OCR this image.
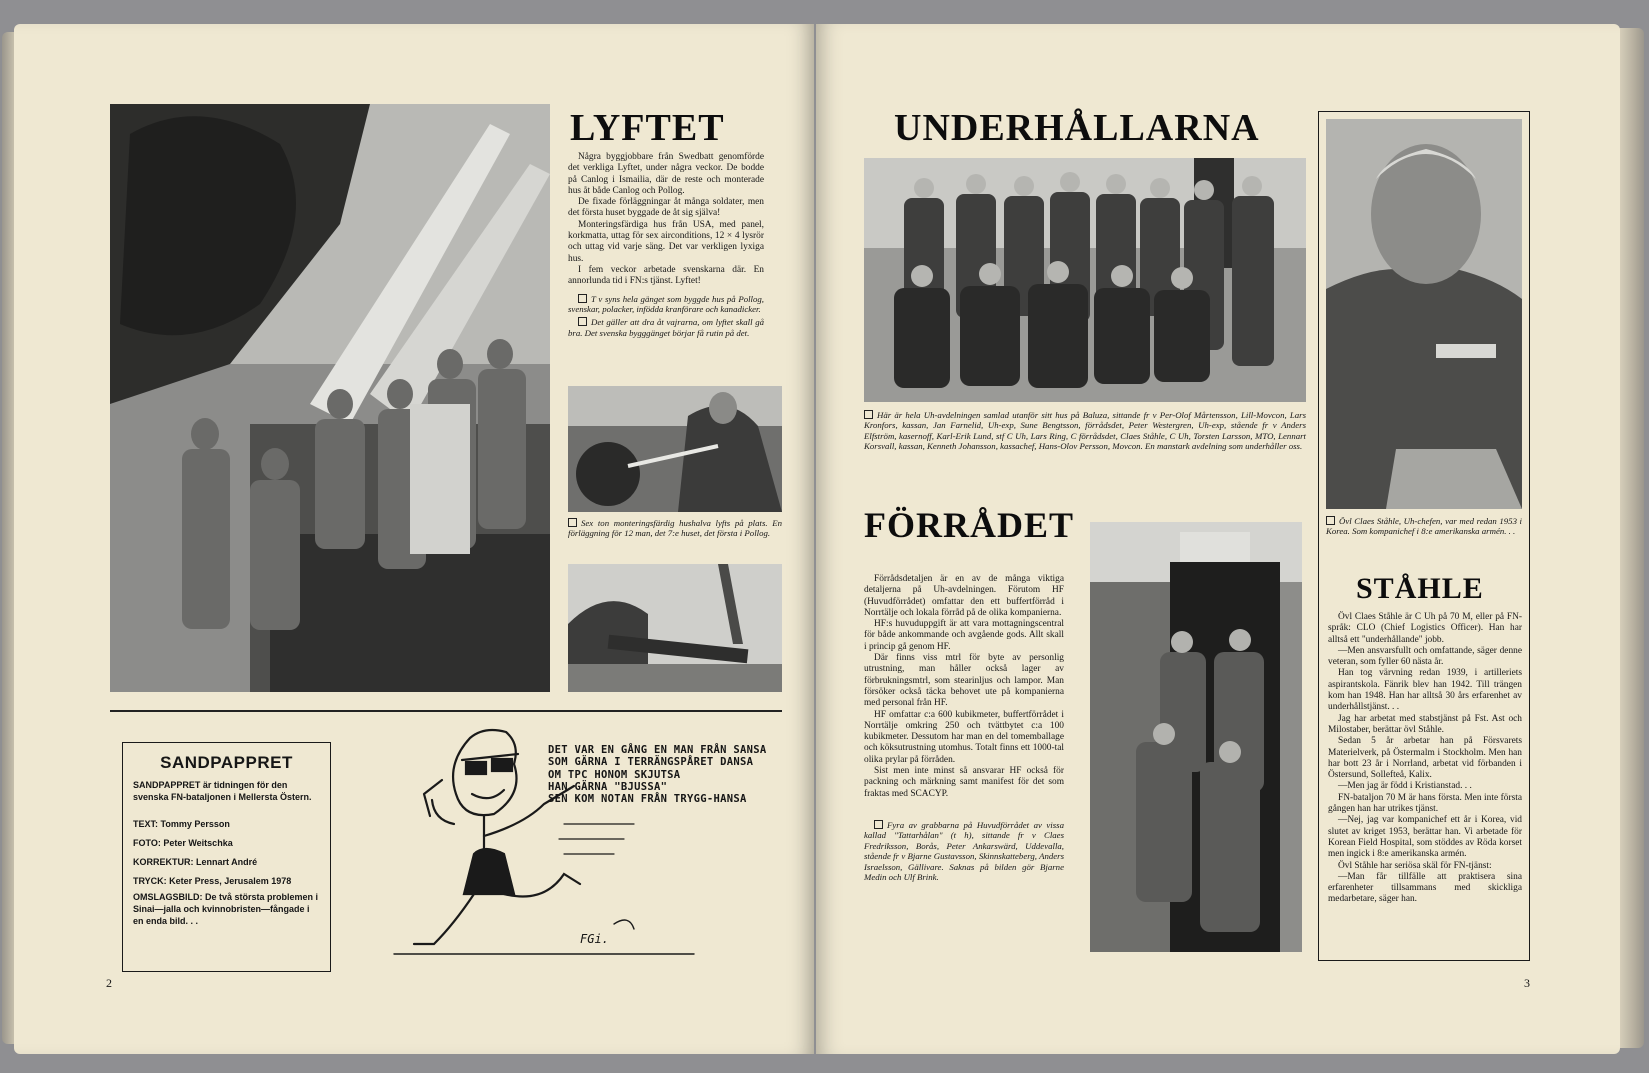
LYFTET

Några byggjobbare från Swedbatt genomförde det verkliga Lyftet, under några veckor. De bodde på Canlog i Ismailia, där de reste och monterade hus åt både Canlog och Pollog.

De fixade förläggningar åt många soldater, men det första huset byggade de åt sig själva!

Monteringsfärdiga hus från USA, med panel, korkmatta, uttag för sex airconditions, 12 × 4 lysrör och uttag vid varje säng. Det var verkligen lyxiga hus.

I fem veckor arbetade svenskarna där. En annorlunda tid i FN:s tjänst. Lyftet!

T v syns hela gänget som byggde hus på Pollog, svenskar, polacker, infödda kranförare och kanadicker.

Det gäller att dra åt vajrarna, om lyftet skall gå bra. Det svenska bygggänget börjar få rutin på det.

Sex ton monteringsfärdig hushalva lyfts på plats. En förläggning för 12 man, det 7:e huset, det första i Pollog.

SANDPAPPRET
SANDPAPPRET är tidningen för den svenska FN-bataljonen i Mellersta Östern.
TEXT: Tommy Persson
FOTO: Peter Weitschka
KORREKTUR: Lennart André
TRYCK: Keter Press, Jerusalem 1978
OMSLAGSBILD: De två största problemen i Sinai—jalla och kvinnobristen—fångade i en enda bild. . .
DET VAR EN GÅNG EN MAN FRÅN SANSA
SOM GÄRNA I TERRÄNGSPÅRET DANSA
OM TPC HONOM SKJUTSA
HAN GÄRNA "BJUSSA"
SEN KOM NOTAN FRÅN TRYGG-HANSA
FGi.
2
UNDERHÅLLARNA

Här är hela Uh-avdelningen samlad utanför sitt hus på Baluza, sittande fr v Per-Olof Mårtensson, Lill-Movcon, Lars Kronfors, kassan, Jan Farnelid, Uh-exp, Sune Bengtsson, förrådsdet, Peter Westergren, Uh-exp, stående fr v Anders Elfström, kasernoff, Karl-Erik Lund, stf C Uh, Lars Ring, C förrådsdet, Claes Ståhle, C Uh, Torsten Larsson, MTO, Lennart Korsvall, kassan, Kenneth Johansson, kassachef, Hans-Olov Persson, Movcon. En manstark avdelning som underhåller oss.

FÖRRÅDET

Förrådsdetaljen är en av de många viktiga detaljerna på Uh-avdelningen. Förutom HF (Huvudförrådet) omfattar den ett buffertförråd i Norrtälje och lokala förråd på de olika kompanierna.

HF:s huvuduppgift är att vara mottagningscentral för både ankommande och avgående gods. Allt skall i princip gå genom HF.

Där finns viss mtrl för byte av personlig utrustning, man håller också lager av förbrukningsmtrl, som stearinljus och lampor. Man försöker också täcka behovet ute på kompanierna med personal från HF.

HF omfattar c:a 600 kubikmeter, buffertförrådet i Norrtälje omkring 250 och tvättbytet c:a 100 kubikmeter. Dessutom har man en del tomemballage och köksutrustning utomhus. Totalt finns ett 1000-tal olika prylar på förråden.

Sist men inte minst så ansvarar HF också för packning och märkning samt manifest för det som fraktas med SCACYP.

Fyra av grabbarna på Huvudförrådet av vissa kallad "Tattarhålan" (t h), sittande fr v Claes Fredriksson, Borås, Peter Ankarswärd, Uddevalla, stående fr v Bjarne Gustavsson, Skinnskatteberg, Anders Israelsson, Gällivare. Saknas på bilden gör Bjarne Medin och Ulf Brink.

Övl Claes Ståhle, Uh-chefen, var med redan 1953 i Korea. Som kompanichef i 8:e amerikanska armén. . .

STÅHLE

Övl Claes Ståhle är C Uh på 70 M, eller på FN-språk: CLO (Chief Logistics Officer). Han har alltså ett "underhållande" jobb.

—Men ansvarsfullt och omfattande, säger denne veteran, som fyller 60 nästa år.

Han tog värvning redan 1939, i artilleriets aspirantskola. Fänrik blev han 1942. Till trängen kom han 1948. Han har alltså 30 års erfarenhet av underhållstjänst. . .

Jag har arbetat med stabstjänst på Fst. Ast och Milostaber, berättar övl Ståhle.

Sedan 5 år arbetar han på Försvarets Materielverk, på Östermalm i Stockholm. Men han har bott 23 år i Norrland, arbetat vid förbanden i Östersund, Sollefteå, Kalix.

—Men jag är född i Kristianstad. . .

FN-bataljon 70 M är hans första. Men inte första gången han har utrikes tjänst.

—Nej, jag var kompanichef ett år i Korea, vid slutet av kriget 1953, berättar han. Vi arbetade för Korean Field Hospital, som stöddes av Röda korset men ingick i 8:e amerikanska armén.

Övl Ståhle har seriösa skäl för FN-tjänst:

—Man får tillfälle att praktisera sina erfarenheter tillsammans med skickliga medarbetare, säger han.

3
